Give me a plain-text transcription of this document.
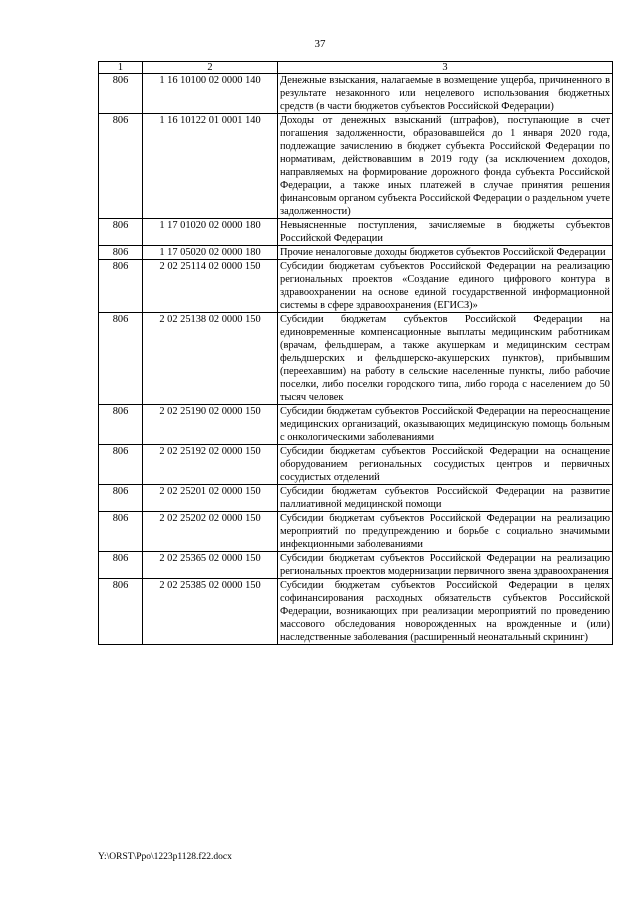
37
1	2	3
806	1 16 10100 02 0000 140	Денежные взыскания, налагаемые в возмещение ущерба, причиненного в результате незаконного или нецелевого использования бюджетных средств (в части бюджетов субъектов Российской Федерации)
806	1 16 10122 01 0001 140	Доходы от денежных взысканий (штрафов), поступающие в счет погашения задолженности, образовавшейся до 1 января 2020 года, подлежащие зачислению в бюджет субъекта Российской Федерации по нормативам, действовавшим в 2019 году (за исключением доходов, направляемых на формирование дорожного фонда субъекта Российской Федерации, а также иных платежей в случае принятия решения финансовым органом субъекта Российской Федерации о раздельном учете задолженности)
806	1 17 01020 02 0000 180	Невыясненные поступления, зачисляемые в бюджеты субъектов Российской Федерации
806	1 17 05020 02 0000 180	Прочие неналоговые доходы бюджетов субъектов Российской Федерации
806	2 02 25114 02 0000 150	Субсидии бюджетам субъектов Российской Федерации на реализацию региональных проектов «Создание единого цифрового контура в здравоохранении на основе единой государственной информационной системы в сфере здравоохранения (ЕГИСЗ)»
806	2 02 25138 02 0000 150	Субсидии бюджетам субъектов Российской Федерации на единовременные компенсационные выплаты медицинским работникам (врачам, фельдшерам, а также акушеркам и медицинским сестрам фельдшерских и фельдшерско-акушерских пунктов), прибывшим (переехавшим) на работу в сельские населенные пункты, либо рабочие поселки, либо поселки городского типа, либо города с населением до 50 тысяч человек
806	2 02 25190 02 0000 150	Субсидии бюджетам субъектов Российской Федерации на переоснащение медицинских организаций, оказывающих медицинскую помощь больным с онкологическими заболеваниями
806	2 02 25192 02 0000 150	Субсидии бюджетам субъектов Российской Федерации на оснащение оборудованием региональных сосудистых центров и первичных сосудистых отделений
806	2 02 25201 02 0000 150	Субсидии бюджетам субъектов Российской Федерации на развитие паллиативной медицинской помощи
806	2 02 25202 02 0000 150	Субсидии бюджетам субъектов Российской Федерации на реализацию мероприятий по предупреждению и борьбе с социально значимыми инфекционными заболеваниями
806	2 02 25365 02 0000 150	Субсидии бюджетам субъектов Российской Федерации на реализацию региональных проектов модернизации первичного звена здравоохранения
806	2 02 25385 02 0000 150	Субсидии бюджетам субъектов Российской Федерации в целях софинансирования расходных обязательств субъектов Российской Федерации, возникающих при реализации мероприятий по проведению массового обследования новорожденных на врожденные и (или) наследственные заболевания (расширенный неонатальный скрининг)
Y:\ORST\Ppo\1223p1128.f22.docx
